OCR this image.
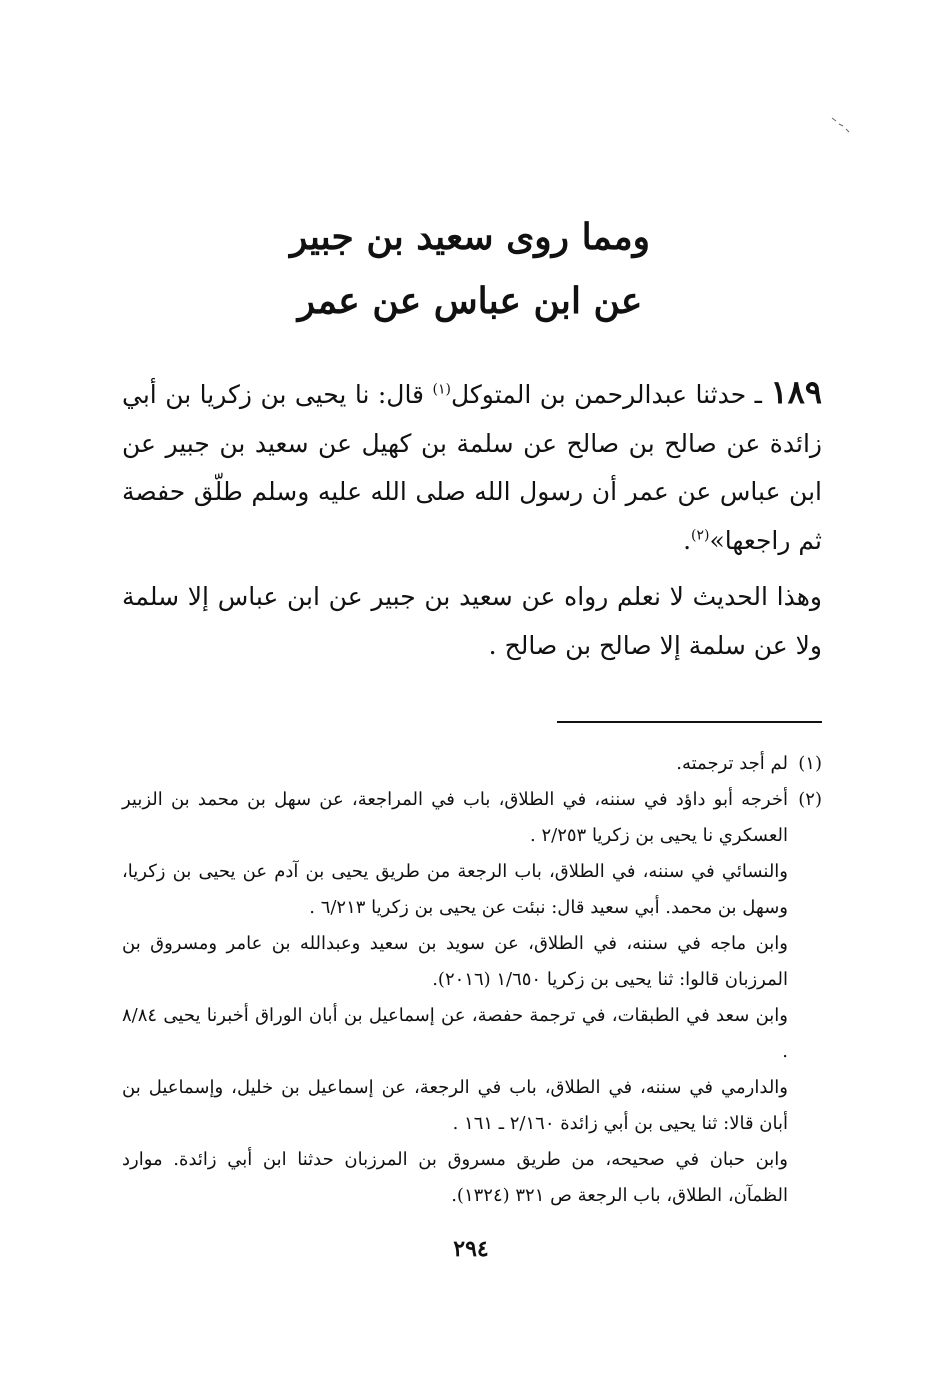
ومما روى سعيد بن جبير
عن ابن عباس عن عمر

١٨٩ ـ حدثنا عبدالرحمن بن المتوكل$^{(١)}$ قال: نا يحيى بن زكريا بن أبي زائدة عن صالح بن صالح عن سلمة بن كهيل عن سعيد بن جبير عن ابن عباس عن عمر أن رسول الله صلى الله عليه وسلم طلّق حفصة ثم راجعها»$^{(٢)}$.

وهذا الحديث لا نعلم رواه عن سعيد بن جبير عن ابن عباس إلا سلمة ولا عن سلمة إلا صالح بن صالح .

(١)
لم أجد ترجمته.
(٢)
أخرجه أبو داؤد في سننه، في الطلاق، باب في المراجعة، عن سهل بن محمد بن الزبير العسكري نا يحيى بن زكريا ٢/٢٥٣ .
والنسائي في سننه، في الطلاق، باب الرجعة من طريق يحيى بن آدم عن يحيى بن زكريا، وسهل بن محمد. أبي سعيد قال: نبئت عن يحيى بن زكريا ٦/٢١٣ .
وابن ماجه في سننه، في الطلاق، عن سويد بن سعيد وعبدالله بن عامر ومسروق بن المرزبان قالوا: ثنا يحيى بن زكريا ١/٦٥٠ (٢٠١٦).
وابن سعد في الطبقات، في ترجمة حفصة، عن إسماعيل بن أبان الوراق أخبرنا يحيى ٨/٨٤ .
والدارمي في سننه، في الطلاق، باب في الرجعة، عن إسماعيل بن خليل، وإسماعيل بن أبان قالا: ثنا يحيى بن أبي زائدة ٢/١٦٠ ـ ١٦١ .
وابن حبان في صحيحه، من طريق مسروق بن المرزبان حدثنا ابن أبي زائدة. موارد الظمآن، الطلاق، باب الرجعة ص ٣٢١ (١٣٢٤).
٢٩٤
